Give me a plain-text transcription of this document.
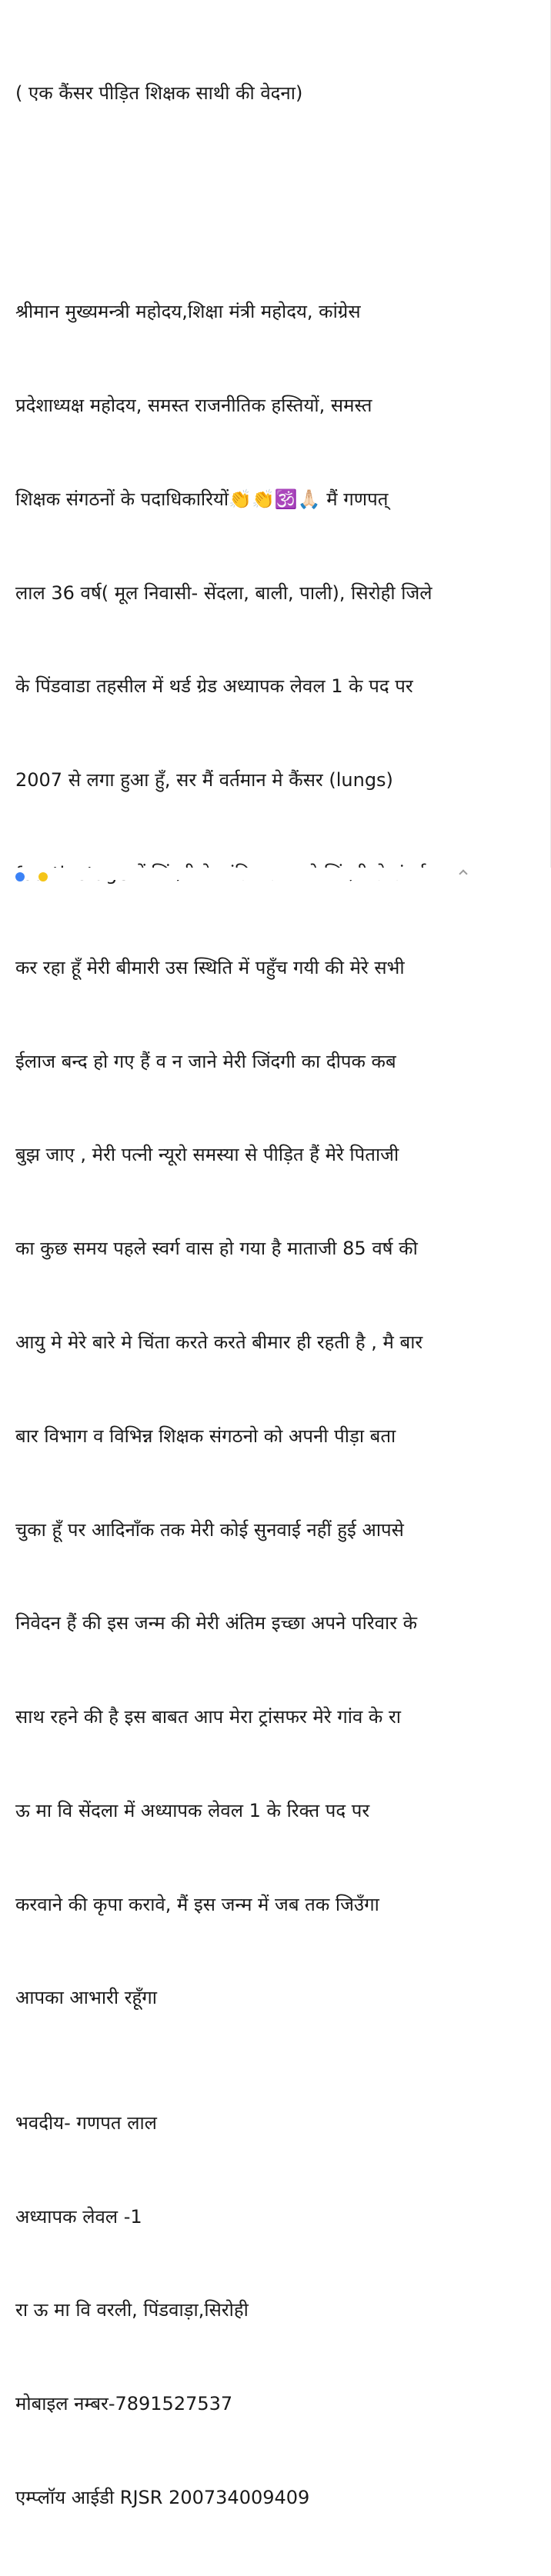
( एक कैंसर पीड़ित शिक्षक साथी की वेदना)

श्रीमान मुख्यमन्त्री महोदय,शिक्षा मंत्री महोदय, कांग्रेस

प्रदेशाध्यक्ष महोदय, समस्त राजनीतिक हस्तियों, समस्त

शिक्षक संगठनों के पदाधिकारियों👏👏🕉️🙏🏻 मैं गणपत्

लाल 36 वर्ष( मूल निवासी- सेंदला, बाली, पाली), सिरोही जिले

के पिंडवाडा तहसील में थर्ड ग्रेड अध्यापक लेवल 1 के पद पर

2007 से लगा हुआ हुँ, सर मैं वर्तमान मे कैंसर (lungs)

कर रहा हूँ मेरी बीमारी उस स्थिति में पहुँच गयी की मेरे सभी

ईलाज बन्द हो गए हैं व न जाने मेरी जिंदगी का दीपक कब

बुझ जाए , मेरी पत्नी न्यूरो समस्या से पीड़ित हैं मेरे पिताजी

का कुछ समय पहले स्वर्ग वास हो गया है माताजी 85 वर्ष की

आयु मे मेरे बारे मे चिंता करते करते बीमार ही रहती है , मै बार

बार विभाग व विभिन्न शिक्षक संगठनो को अपनी पीड़ा बता

चुका हूँ पर आदिनाँक तक मेरी कोई सुनवाई नहीं हुई आपसे

निवेदन हैं की इस जन्म की मेरी अंतिम इच्छा अपने परिवार के

साथ रहने की है इस बाबत आप मेरा ट्रांसफर मेरे गांव के रा

ऊ मा वि सेंदला में अध्यापक लेवल 1 के रिक्त पद पर

करवाने की कृपा करावे, मैं इस जन्म में जब तक जिउँगा

आपका आभारी रहूँगा

भवदीय- गणपत लाल

अध्यापक लेवल -1

रा ऊ मा वि वरली, पिंडवाड़ा,सिरोही

मोबाइल नम्बर-7891527537

एम्प्लॉय आईडी RJSR 200734009409
